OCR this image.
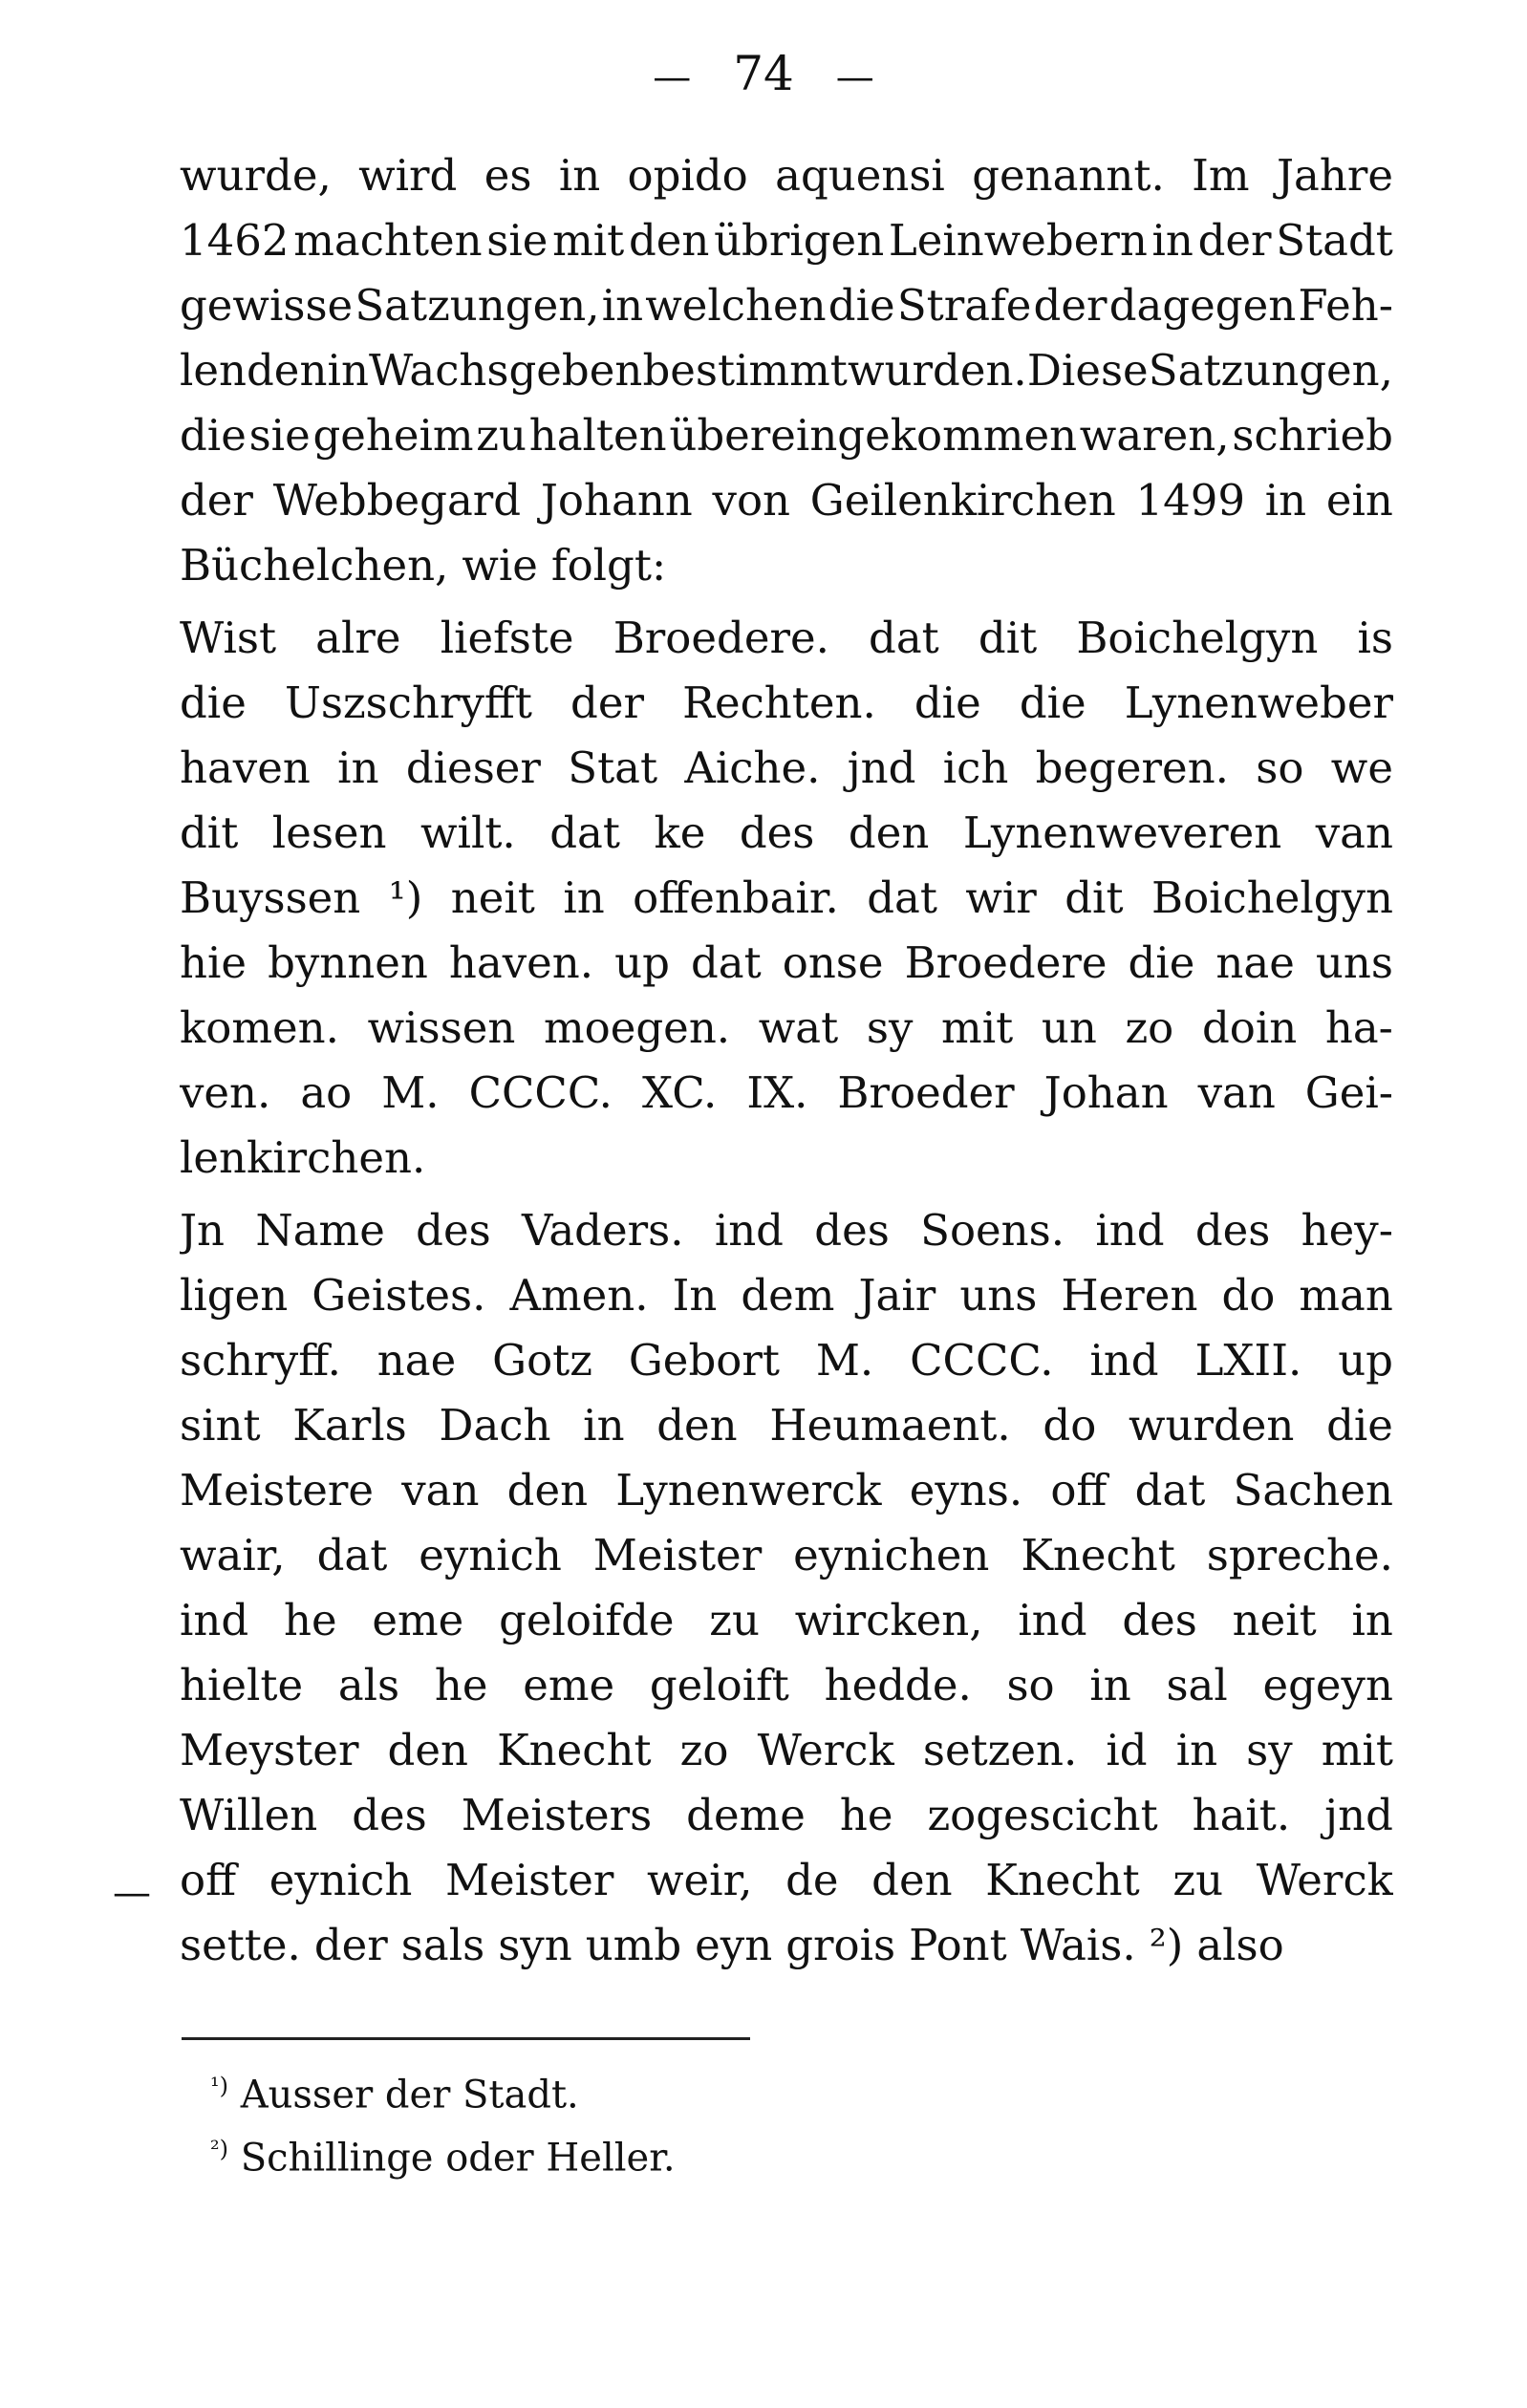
— 74 —
wurde, wird es in opido aquensi genannt. Im Jahre
1462 machten sie mit den übrigen Leinwebern in der Stadt
gewisse Satzungen, in welchen die Strafe der dagegen Feh-
lenden in Wachsgeben bestimmt wurden. Diese Satzungen,
die sie geheim zu halten übereingekommen waren, schrieb
der Webbegard Johann von Geilenkirchen 1499 in ein
Büchelchen, wie folgt:
Wist alre liefste Broedere. dat dit Boichelgyn is
die Uszschryfft der Rechten. die die Lynenweber
haven in dieser Stat Aiche. jnd ich begeren. so we
dit lesen wilt. dat ke des den Lynenweveren van
Buyssen ¹) neit in offenbair. dat wir dit Boichelgyn
hie bynnen haven. up dat onse Broedere die nae uns
komen. wissen moegen. wat sy mit un zo doin ha-
ven. ao M. CCCC. XC. IX. Broeder Johan van Gei-
lenkirchen.
Jn Name des Vaders. ind des Soens. ind des hey-
ligen Geistes. Amen. In dem Jair uns Heren do man
schryff. nae Gotz Gebort M. CCCC. ind LXII. up
sint Karls Dach in den Heumaent. do wurden die
Meistere van den Lynenwerck eyns. off dat Sachen
wair, dat eynich Meister eynichen Knecht spreche.
ind he eme geloifde zu wircken, ind des neit in
hielte als he eme geloift hedde. so in sal egeyn
Meyster den Knecht zo Werck setzen. id in sy mit
Willen des Meisters deme he zogescicht hait. jnd
off eynich Meister weir, de den Knecht zu Werck
sette. der sals syn umb eyn grois Pont Wais. ²) also
—
$^{^1)}$ Ausser der Stadt.
$^{^2)}$ Schillinge oder Heller.
